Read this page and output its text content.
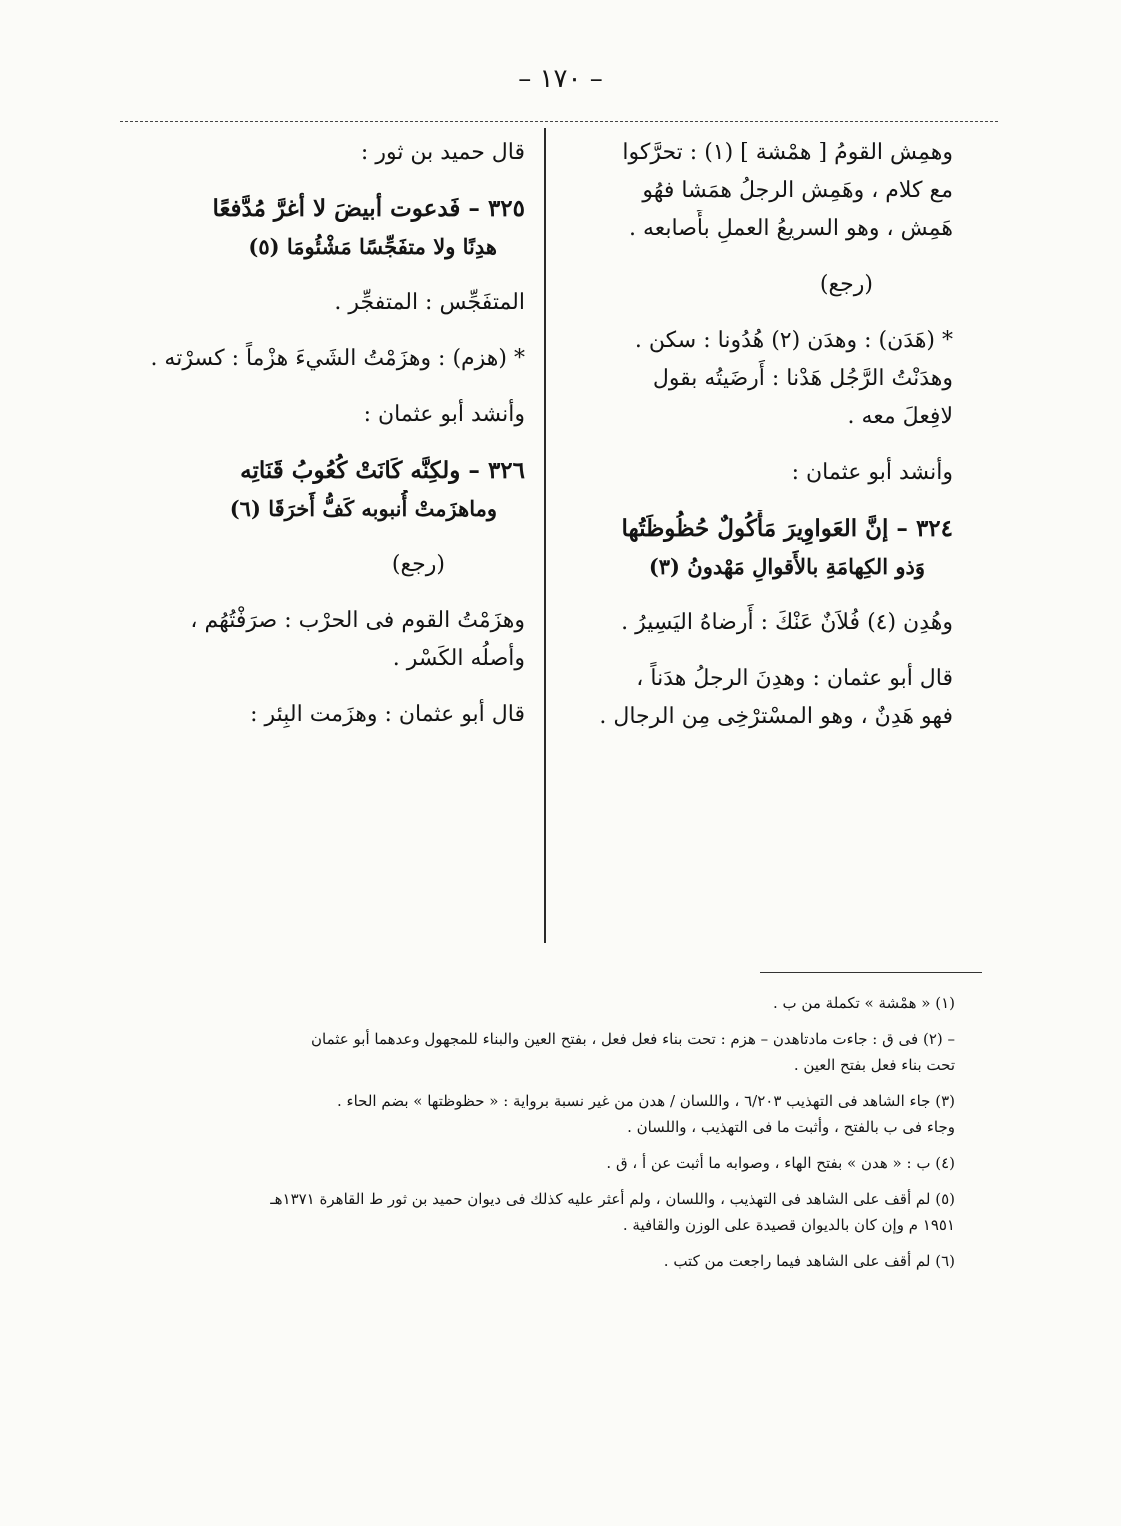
– ١٧٠ –
وهمِش القومُ [ همْشة ] (١) : تحرَّكوا
مع كلام ، وهَمِش الرجلُ همَشا فهُو
هَمِش ، وهو السريعُ العملِ بأَصابعه .
(رجع)
* (هَدَن) : وهدَن (٢) هُدُونا : سكن .
وهدَنْتُ الرَّجُل هَدْنا : أَرضَيتُه بقول
لافِعلَ معه .
وأنشد أبو عثمان :
٣٢٤ – إنَّ العَواوِيرَ مَأْكُولٌ حُظُوظَتُها
وَذو الكِهامَةِ بالأَقوالِ مَهْدونُ (٣)
وهُدِن (٤) فُلاَنٌ عَنْكَ : أَرضاهُ اليَسِيرُ .
قال أبو عثمان : وهدِنَ الرجلُ هدَناً ،
فهو هَدِنٌ ، وهو المسْترْخِى مِن الرجال .
قال حميد بن ثور :
٣٢٥ – فَدعوت أبيضَ لا أغرَّ مُدَّفعًا
هدِنًا ولا متفَجِّسًا مَشْئُومَا (٥)
المتفَجِّس : المتفجِّر .
* (هزم) : وهزَمْتُ الشَيءَ هزْماً : كسرْته .
وأنشد أبو عثمان :
٣٢٦ – ولكِنَّه كَانَتْ كُعُوبُ قَنَاتِه
وماهزَمتْ أُنبوبه كَفُّ أَخرَقَا (٦)
(رجع)
وهزَمْتُ القوم فى الحرْب : صرَفْتُهُم ،
وأصلُه الكَسْر .
قال أبو عثمان : وهزَمت البِئر :
(١) « همْشة » تكملة من ب .
– (٢) فى ق : جاءت مادتاهدن – هزم : تحت بناء فعل فعل ، بفتح العين والبناء للمجهول وعدهما أبو عثمان
تحت بناء فعل بفتح العين .
(٣) جاء الشاهد فى التهذيب ٦/٢٠٣ ، واللسان / هدن من غير نسبة برواية : « حظوظتها » بضم الحاء .
وجاء فى ب بالفتح ، وأثبت ما فى التهذيب ، واللسان .
(٤) ب : « هدن » بفتح الهاء ، وصوابه ما أثبت عن أ ، ق .
(٥) لم أقف على الشاهد فى التهذيب ، واللسان ، ولم أعثر عليه كذلك فى ديوان حميد بن ثور ط القاهرة ١٣٧١هـ
١٩٥١ م وإن كان بالديوان قصيدة على الوزن والقافية .
(٦) لم أقف على الشاهد فيما راجعت من كتب .
